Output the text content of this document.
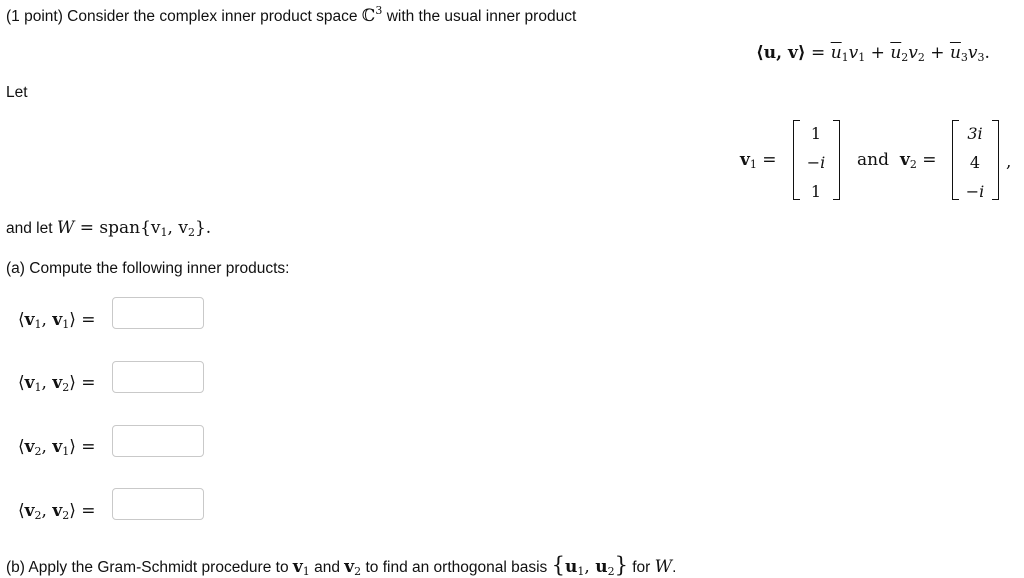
(1 point) Consider the complex inner product space ℂ$^3$ with the usual inner product
⟨u, v⟩ = $\overline{u}_1v_1 + \overline{u}_2v_2 + \overline{u}_3v_3$.
Let
$v_1$ =
1
−i
1
and $v_2$ =
3i
4
−i
,
and let $W = span\{v_1$, $v_2$}.
(a) Compute the following inner products:
$⟨v_1$, $v_1⟩$ =
$⟨v_1$, $v_2⟩$ =
$⟨v_2$, $v_1⟩$ =
$⟨v_2$, $v_2⟩$ =
(b) Apply the Gram-Schmidt procedure to $v_1$ and $v_2$ to find an orthogonal basis {$u_1$, $u_2$} for W.
